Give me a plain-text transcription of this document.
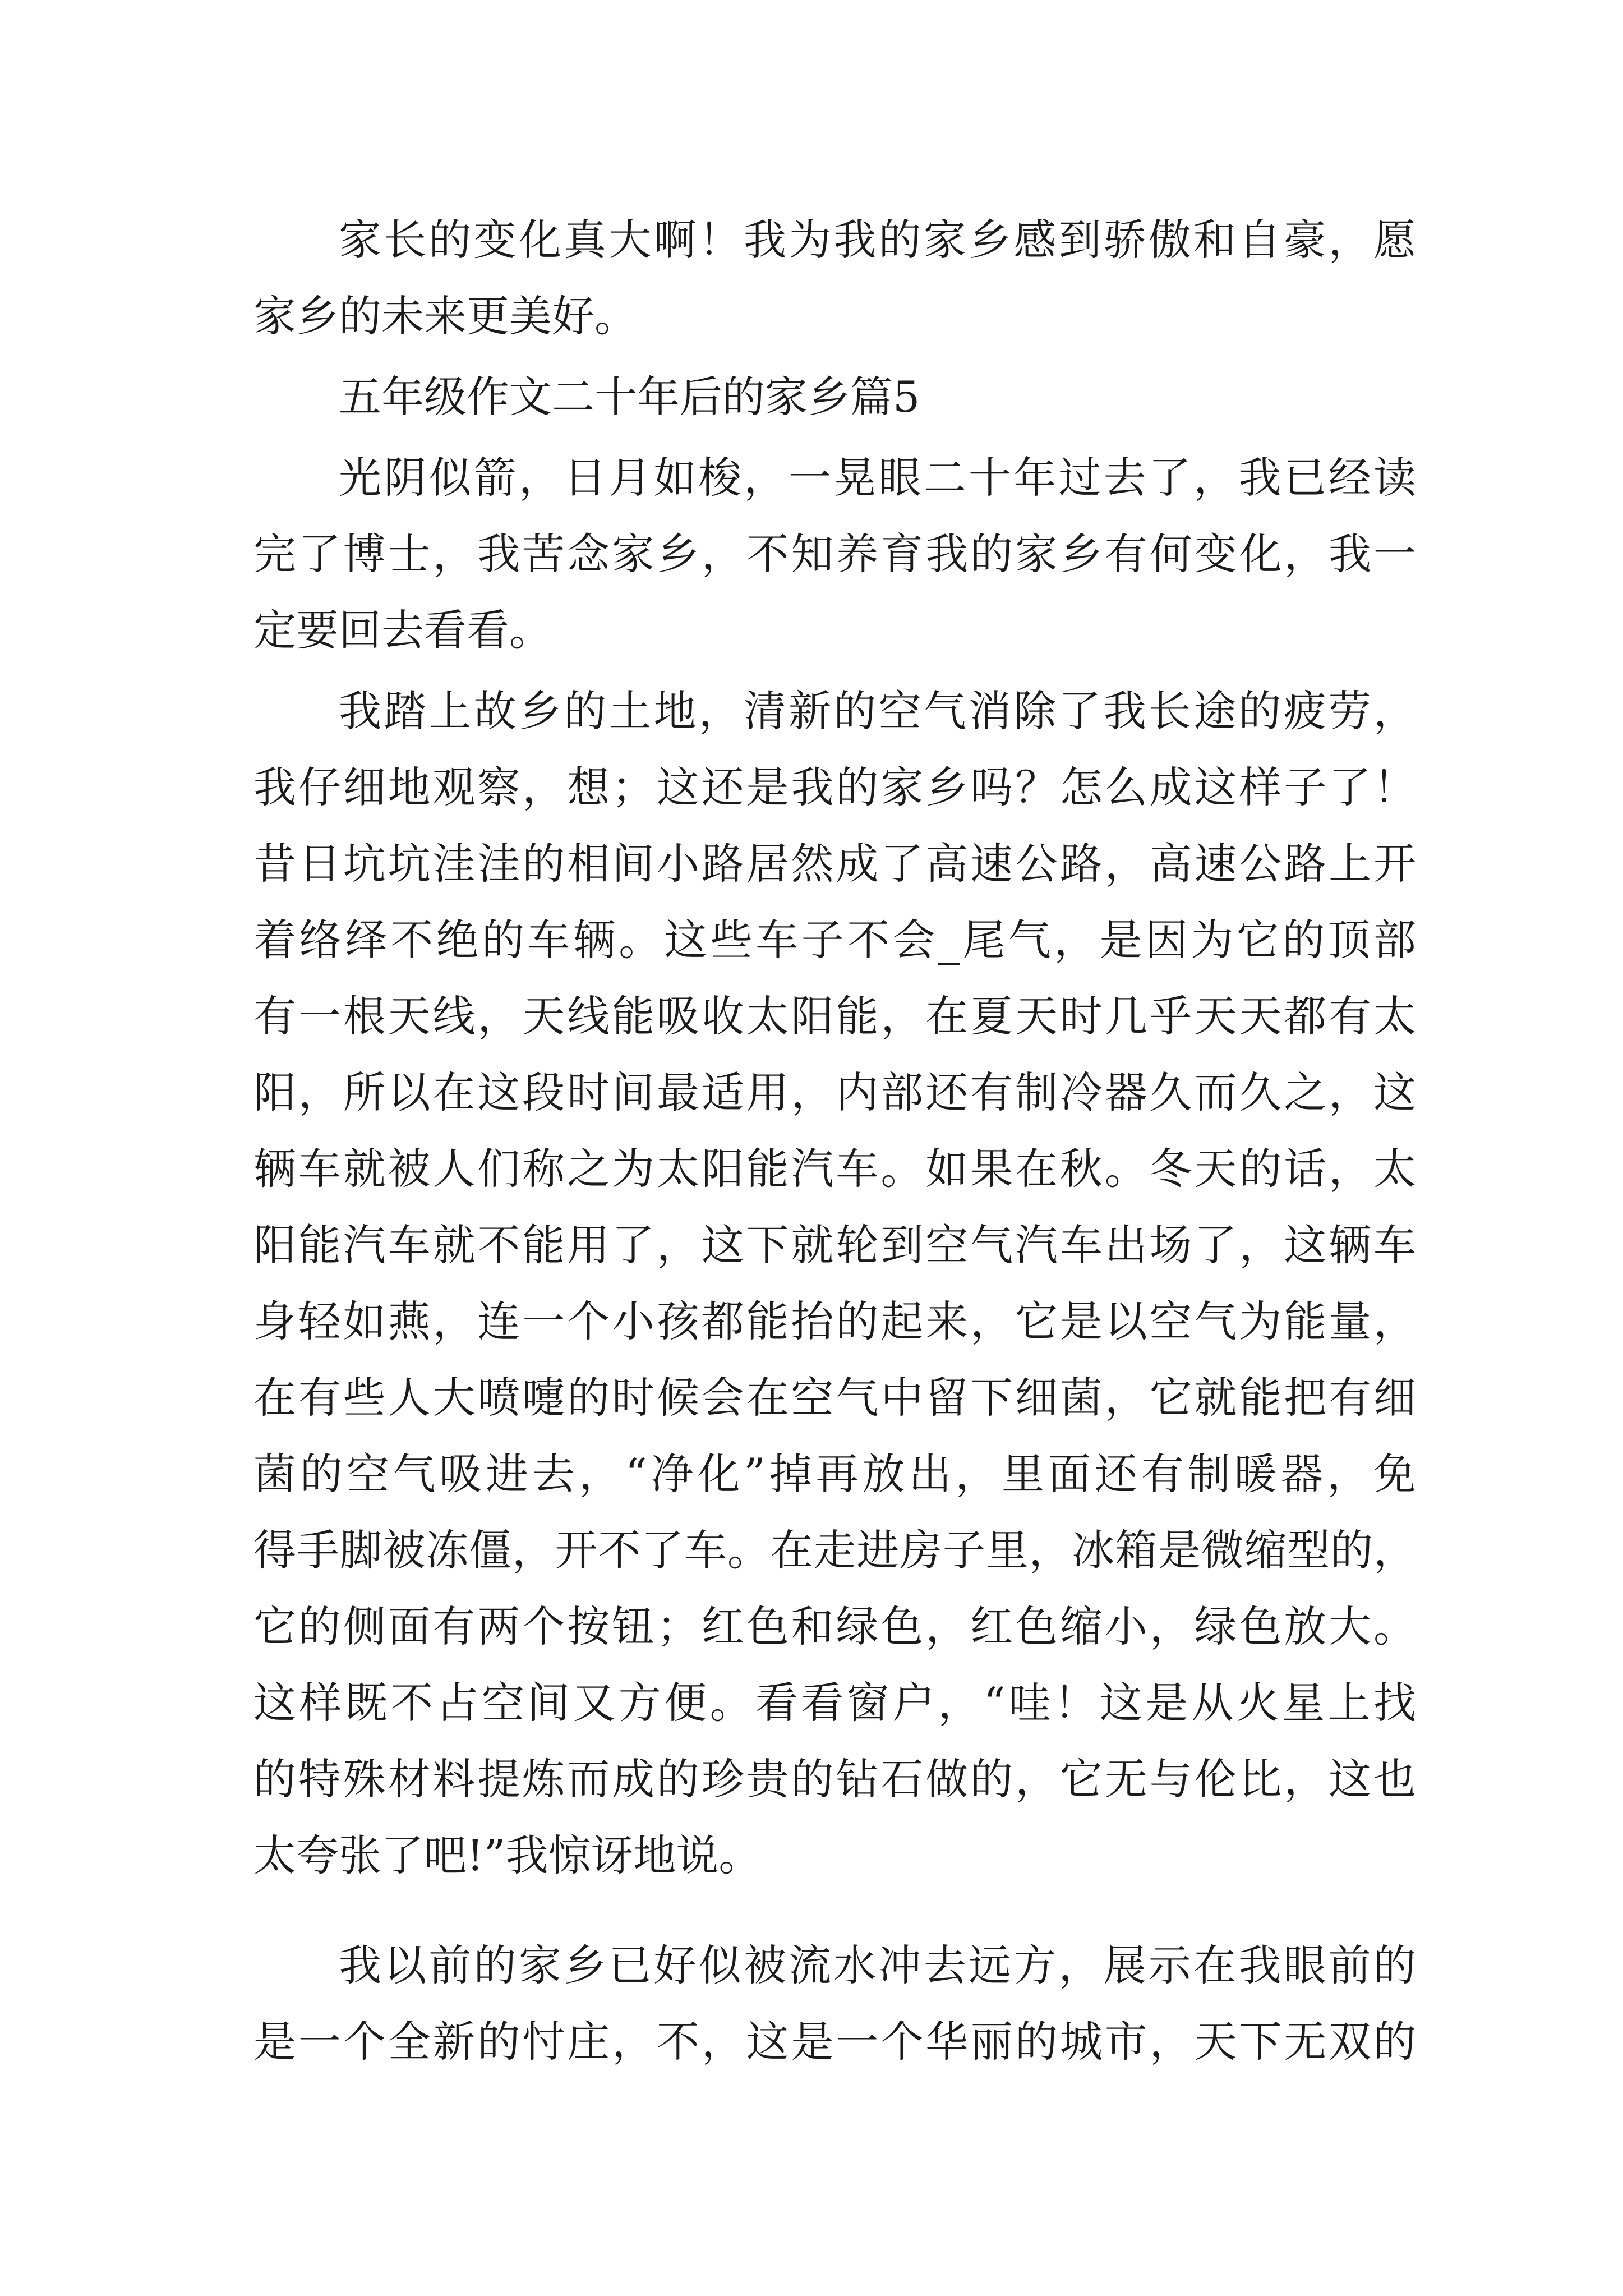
家长的变化真大啊！我为我的家乡感到骄傲和自豪，愿
家乡的未来更美好。
五年级作文二十年后的家乡篇5
光阴似箭，日月如梭，一晃眼二十年过去了，我已经读
完了博士，我苦念家乡，不知养育我的家乡有何变化，我一
定要回去看看。
我踏上故乡的土地，清新的空气消除了我长途的疲劳，
我仔细地观察，想；这还是我的家乡吗？怎么成这样子了！
昔日坑坑洼洼的相间小路居然成了高速公路，高速公路上开
着络绎不绝的车辆。这些车子不会_尾气，是因为它的顶部
有一根天线，天线能吸收太阳能，在夏天时几乎天天都有太
阳，所以在这段时间最适用，内部还有制冷器久而久之，这
辆车就被人们称之为太阳能汽车。如果在秋。冬天的话，太
阳能汽车就不能用了，这下就轮到空气汽车出场了，这辆车
身轻如燕，连一个小孩都能抬的起来，它是以空气为能量，
在有些人大喷嚏的时候会在空气中留下细菌，它就能把有细
菌的空气吸进去，“净化”掉再放出，里面还有制暖器，免
得手脚被冻僵，开不了车。在走进房子里，冰箱是微缩型的，
它的侧面有两个按钮；红色和绿色，红色缩小，绿色放大。
这样既不占空间又方便。看看窗户，“哇！这是从火星上找
的特殊材料提炼而成的珍贵的钻石做的，它无与伦比，这也
太夸张了吧!”我惊讶地说。
我以前的家乡已好似被流水冲去远方，展示在我眼前的
是一个全新的忖庄，不，这是一个华丽的城市，天下无双的
